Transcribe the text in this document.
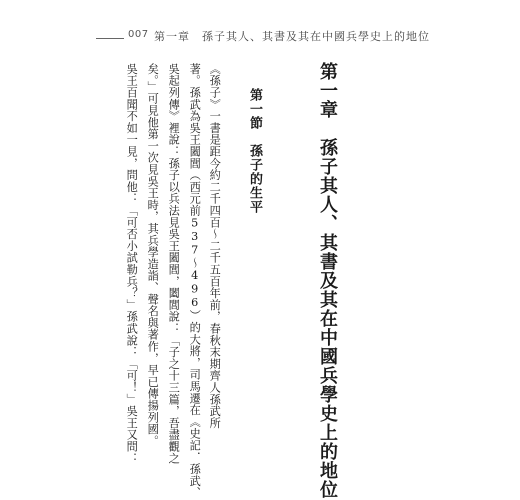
007 第一章　孫子其人、其書及其在中國兵學史上的地位
第一章　孫子其人、其書及其在中國兵學史上的地位
第一節　孫子的生平
《孫子》一書是距今約二千四百～二千五百年前，春秋末期齊人孫武所
著。孫武為吳王闔閭（西元前537～496）的大將，司馬遷在《史記．孫武、
吳起列傳》裡說：孫子以兵法見吳王闔閭，闔閭說：「子之十三篇，吾盡觀之
矣。」可見他第一次見吳王時，其兵學造詣、聲名與著作，早已傳揚列國。
吳王百聞不如一見，問他：「可否小試勒兵？」孫武說：「可！」吳王又問：
